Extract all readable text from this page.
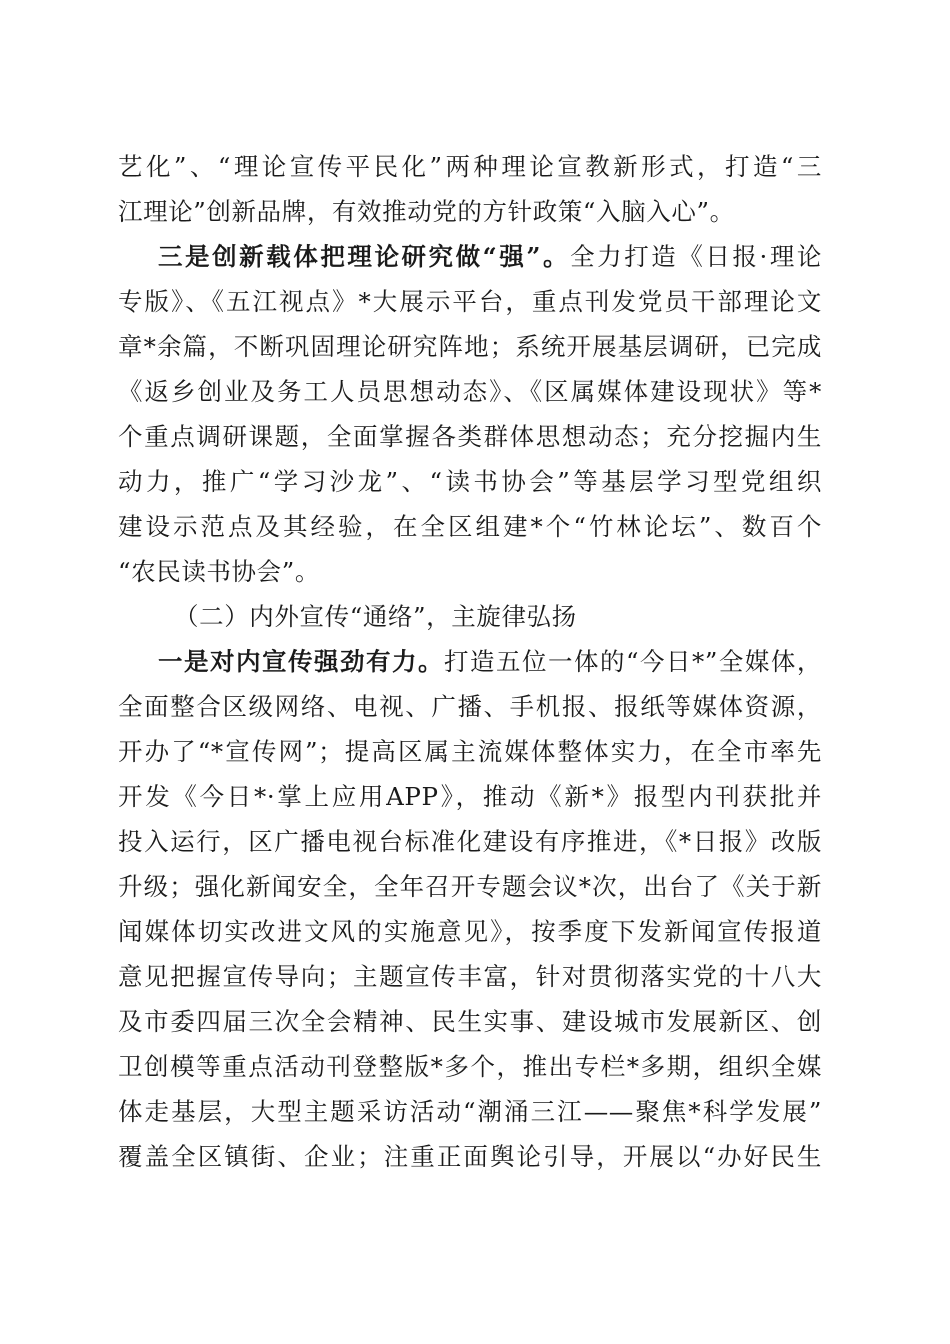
艺化”、“理论宣传平民化”两种理论宣教新形式，打造“三
江理论”创新品牌，有效推动党的方针政策“入脑入心”。
三是创新载体把理论研究做“强”。全力打造《日报·理论
专版》、《五江视点》*大展示平台，重点刊发党员干部理论文
章*余篇，不断巩固理论研究阵地；系统开展基层调研，已完成
《返乡创业及务工人员思想动态》、《区属媒体建设现状》等*
个重点调研课题，全面掌握各类群体思想动态；充分挖掘内生
动力，推广“学习沙龙”、“读书协会”等基层学习型党组织
建设示范点及其经验，在全区组建*个“竹林论坛”、数百个
“农民读书协会”。
（二）内外宣传“通络”，主旋律弘扬
一是对内宣传强劲有力。打造五位一体的“今日*”全媒体，
全面整合区级网络、电视、广播、手机报、报纸等媒体资源，
开办了“*宣传网”；提高区属主流媒体整体实力，在全市率先
开发《今日*·掌上应用APP》，推动《新*》报型内刊获批并
投入运行，区广播电视台标准化建设有序推进，《*日报》改版
升级；强化新闻安全，全年召开专题会议*次，出台了《关于新
闻媒体切实改进文风的实施意见》，按季度下发新闻宣传报道
意见把握宣传导向；主题宣传丰富，针对贯彻落实党的十八大
及市委四届三次全会精神、民生实事、建设城市发展新区、创
卫创模等重点活动刊登整版*多个，推出专栏*多期，组织全媒
体走基层，大型主题采访活动“潮涌三江——聚焦*科学发展”
覆盖全区镇街、企业；注重正面舆论引导，开展以“办好民生
